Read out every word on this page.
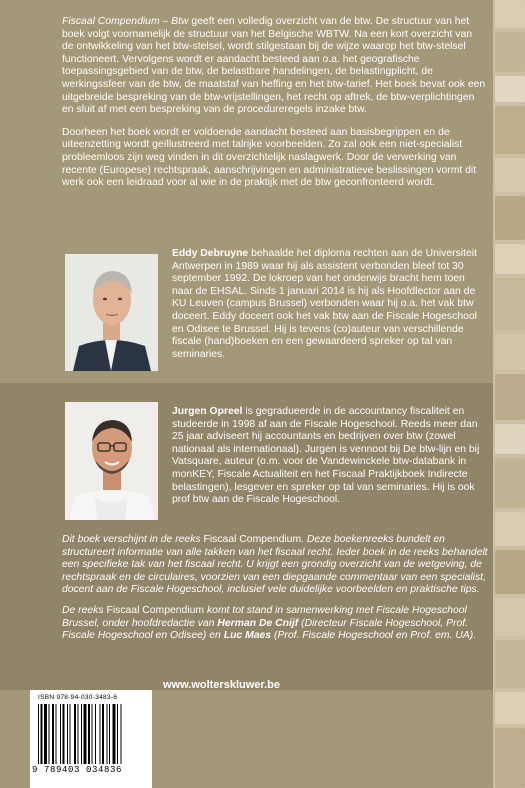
Fiscaal Compendium – Btw geeft een volledig overzicht van de btw. De structuur van het boek volgt voornamelijk de structuur van het Belgische WBTW. Na een kort overzicht van de ontwikkeling van het btw-stelsel, wordt stilgestaan bij de wijze waarop het btw-stelsel functioneert. Vervolgens wordt er aandacht besteed aan o.a. het geografische toepassingsgebied van de btw, de belastbare handelingen, de belastingplicht, de werkingssfeer van de btw, de maatstaf van heffing en het btw-tarief. Het boek bevat ook een uitgebreide bespreking van de btw-vrijstellingen, het recht op aftrek, de btw-verplichtingen en sluit af met een bespreking van de procedureregels inzake btw.

Doorheen het boek wordt er voldoende aandacht besteed aan basisbegrippen en de uiteenzetting wordt geïllustreerd met talrijke voorbeelden. Zo zal ook een niet-specialist probleemloos zijn weg vinden in dit overzichtelijk naslagwerk. Door de verwerking van recente (Europese) rechtspraak, aanschrijvingen en administratieve beslissingen vormt dit werk ook een leidraad voor al wie in de praktijk met de btw geconfronteerd wordt.

Eddy Debruyne behaalde het diploma rechten aan de Universiteit Antwerpen in 1989 waar hij als assistent verbonden bleef tot 30 september 1992. De lokroep van het onderwijs bracht hem toen naar de EHSAL. Sinds 1 januari 2014 is hij als Hoofdlector aan de KU Leuven (campus Brussel) verbonden waar hij o.a. het vak btw doceert. Eddy doceert ook het vak btw aan de Fiscale Hogeschool en Odisee te Brussel. Hij is tevens (co)auteur van verschillende fiscale (hand)boeken en een gewaardeerd spreker op tal van seminaries.
Jurgen Opreel is gegradueerde in de accountancy fiscaliteit en studeerde in 1998 af aan de Fiscale Hogeschool. Reeds meer dan 25 jaar adviseert hij accountants en bedrijven over btw (zowel nationaal als internationaal). Jurgen is vennoot bij De btw-lijn en bij Vatsquare, auteur (o.m. voor de Vandewinckele btw-databank in monKEY, Fiscale Actualiteit en het Fiscaal Praktijkboek Indirecte belastingen), lesgever en spreker op tal van seminaries. Hij is ook prof btw aan de Fiscale Hogeschool.

Dit boek verschijnt in de reeks Fiscaal Compendium. Deze boekenreeks bundelt en structureert informatie van alle takken van het fiscaal recht. Ieder boek in de reeks behandelt een specifieke tak van het fiscaal recht. U krijgt een grondig overzicht van de wetgeving, de rechtspraak en de circulaires, voorzien van een diepgaande commentaar van een specialist, docent aan de Fiscale Hogeschool, inclusief vele duidelijke voorbeelden en praktische tips.

De reeks Fiscaal Compendium komt tot stand in samenwerking met Fiscale Hogeschool Brussel, onder hoofdredactie van Herman De Cnijf (Directeur Fiscale Hogeschool, Prof. Fiscale Hogeschool en Odisee) en Luc Maes (Prof. Fiscale Hogeschool en Prof. em. UA).

ISBN 978-94-030-3483-6
9 789403 034836
www.wolterskluwer.be
